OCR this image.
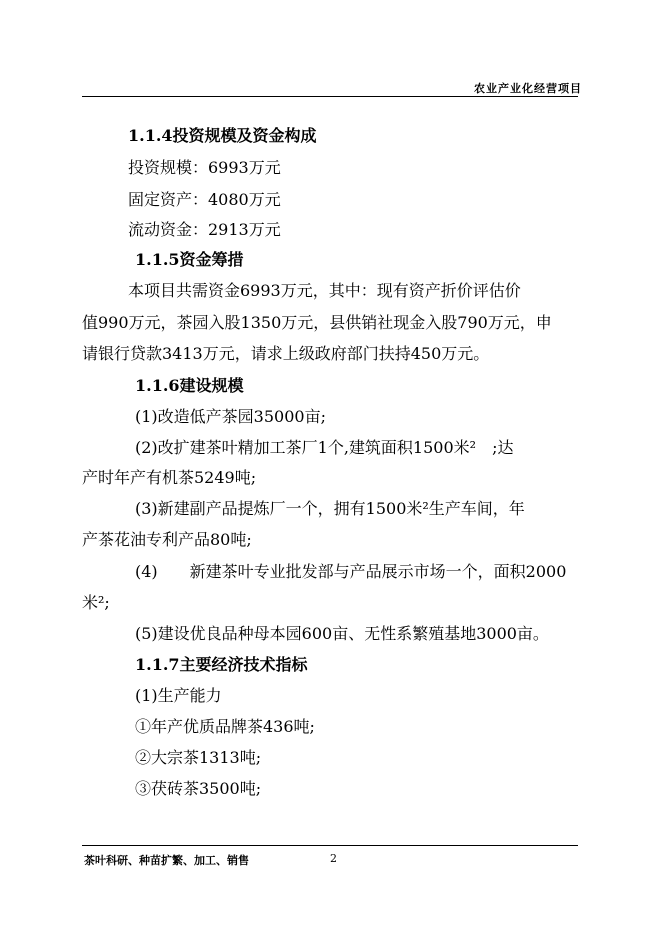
农业产业化经营项目
1.1.4投资规模及资金构成
投资规模：6993万元
固定资产：4080万元
流动资金：2913万元
1.1.5资金筹措
本项目共需资金6993万元，其中：现有资产折价评估价
值990万元，茶园入股1350万元，县供销社现金入股790万元，申
请银行贷款3413万元，请求上级政府部门扶持450万元。
1.1.6建设规模
(1)改造低产茶园35000亩;
(2)改扩建茶叶精加工茶厂1个,建筑面积1500米²　;达
产时年产有机茶5249吨;
(3)新建副产品提炼厂一个，拥有1500米²生产车间，年
产茶花油专利产品80吨;
(4)　　新建茶叶专业批发部与产品展示市场一个，面积2000
米²;
(5)建设优良品种母本园600亩、无性系繁殖基地3000亩。
1.1.7主要经济技术指标
(1)生产能力
①年产优质品牌茶436吨;
②大宗茶1313吨;
③茯砖茶3500吨;
茶叶科研、种苗扩繁、加工、销售	2
